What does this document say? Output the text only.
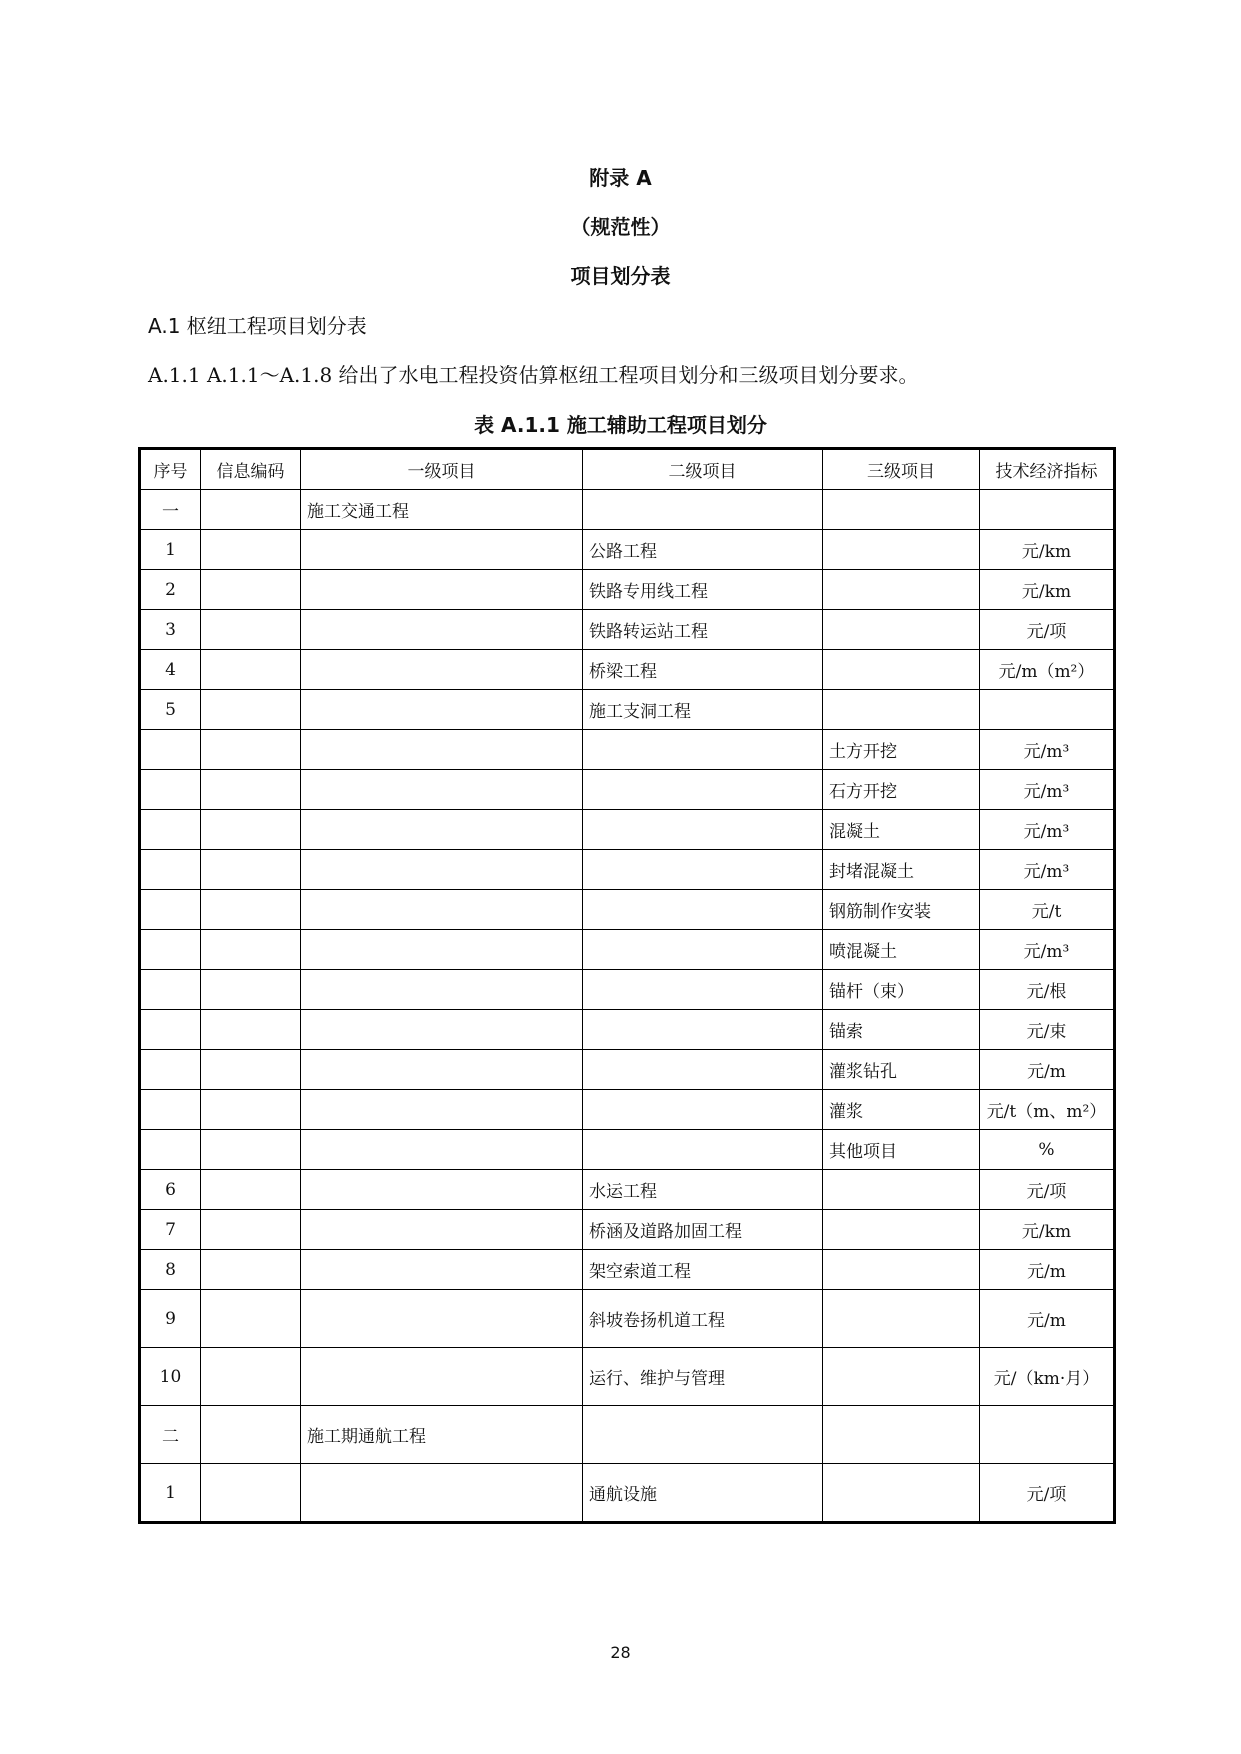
附录 A
（规范性）
项目划分表
A.1 枢纽工程项目划分表
A.1.1 A.1.1～A.1.8 给出了水电工程投资估算枢纽工程项目划分和三级项目划分要求。
表 A.1.1 施工辅助工程项目划分
序号	信息编码	一级项目	二级项目	三级项目	技术经济指标
一		施工交通工程			
1			公路工程		元/km
2			铁路专用线工程		元/km
3			铁路转运站工程		元/项
4			桥梁工程		元/m（m²）
5			施工支洞工程		
				土方开挖	元/m³
				石方开挖	元/m³
				混凝土	元/m³
				封堵混凝土	元/m³
				钢筋制作安装	元/t
				喷混凝土	元/m³
				锚杆（束）	元/根
				锚索	元/束
				灌浆钻孔	元/m
				灌浆	元/t（m、m²）
				其他项目	%
6			水运工程		元/项
7			桥涵及道路加固工程		元/km
8			架空索道工程		元/m
9			斜坡卷扬机道工程		元/m
10			运行、维护与管理		元/（km·月）
二		施工期通航工程			
1			通航设施		元/项
28
